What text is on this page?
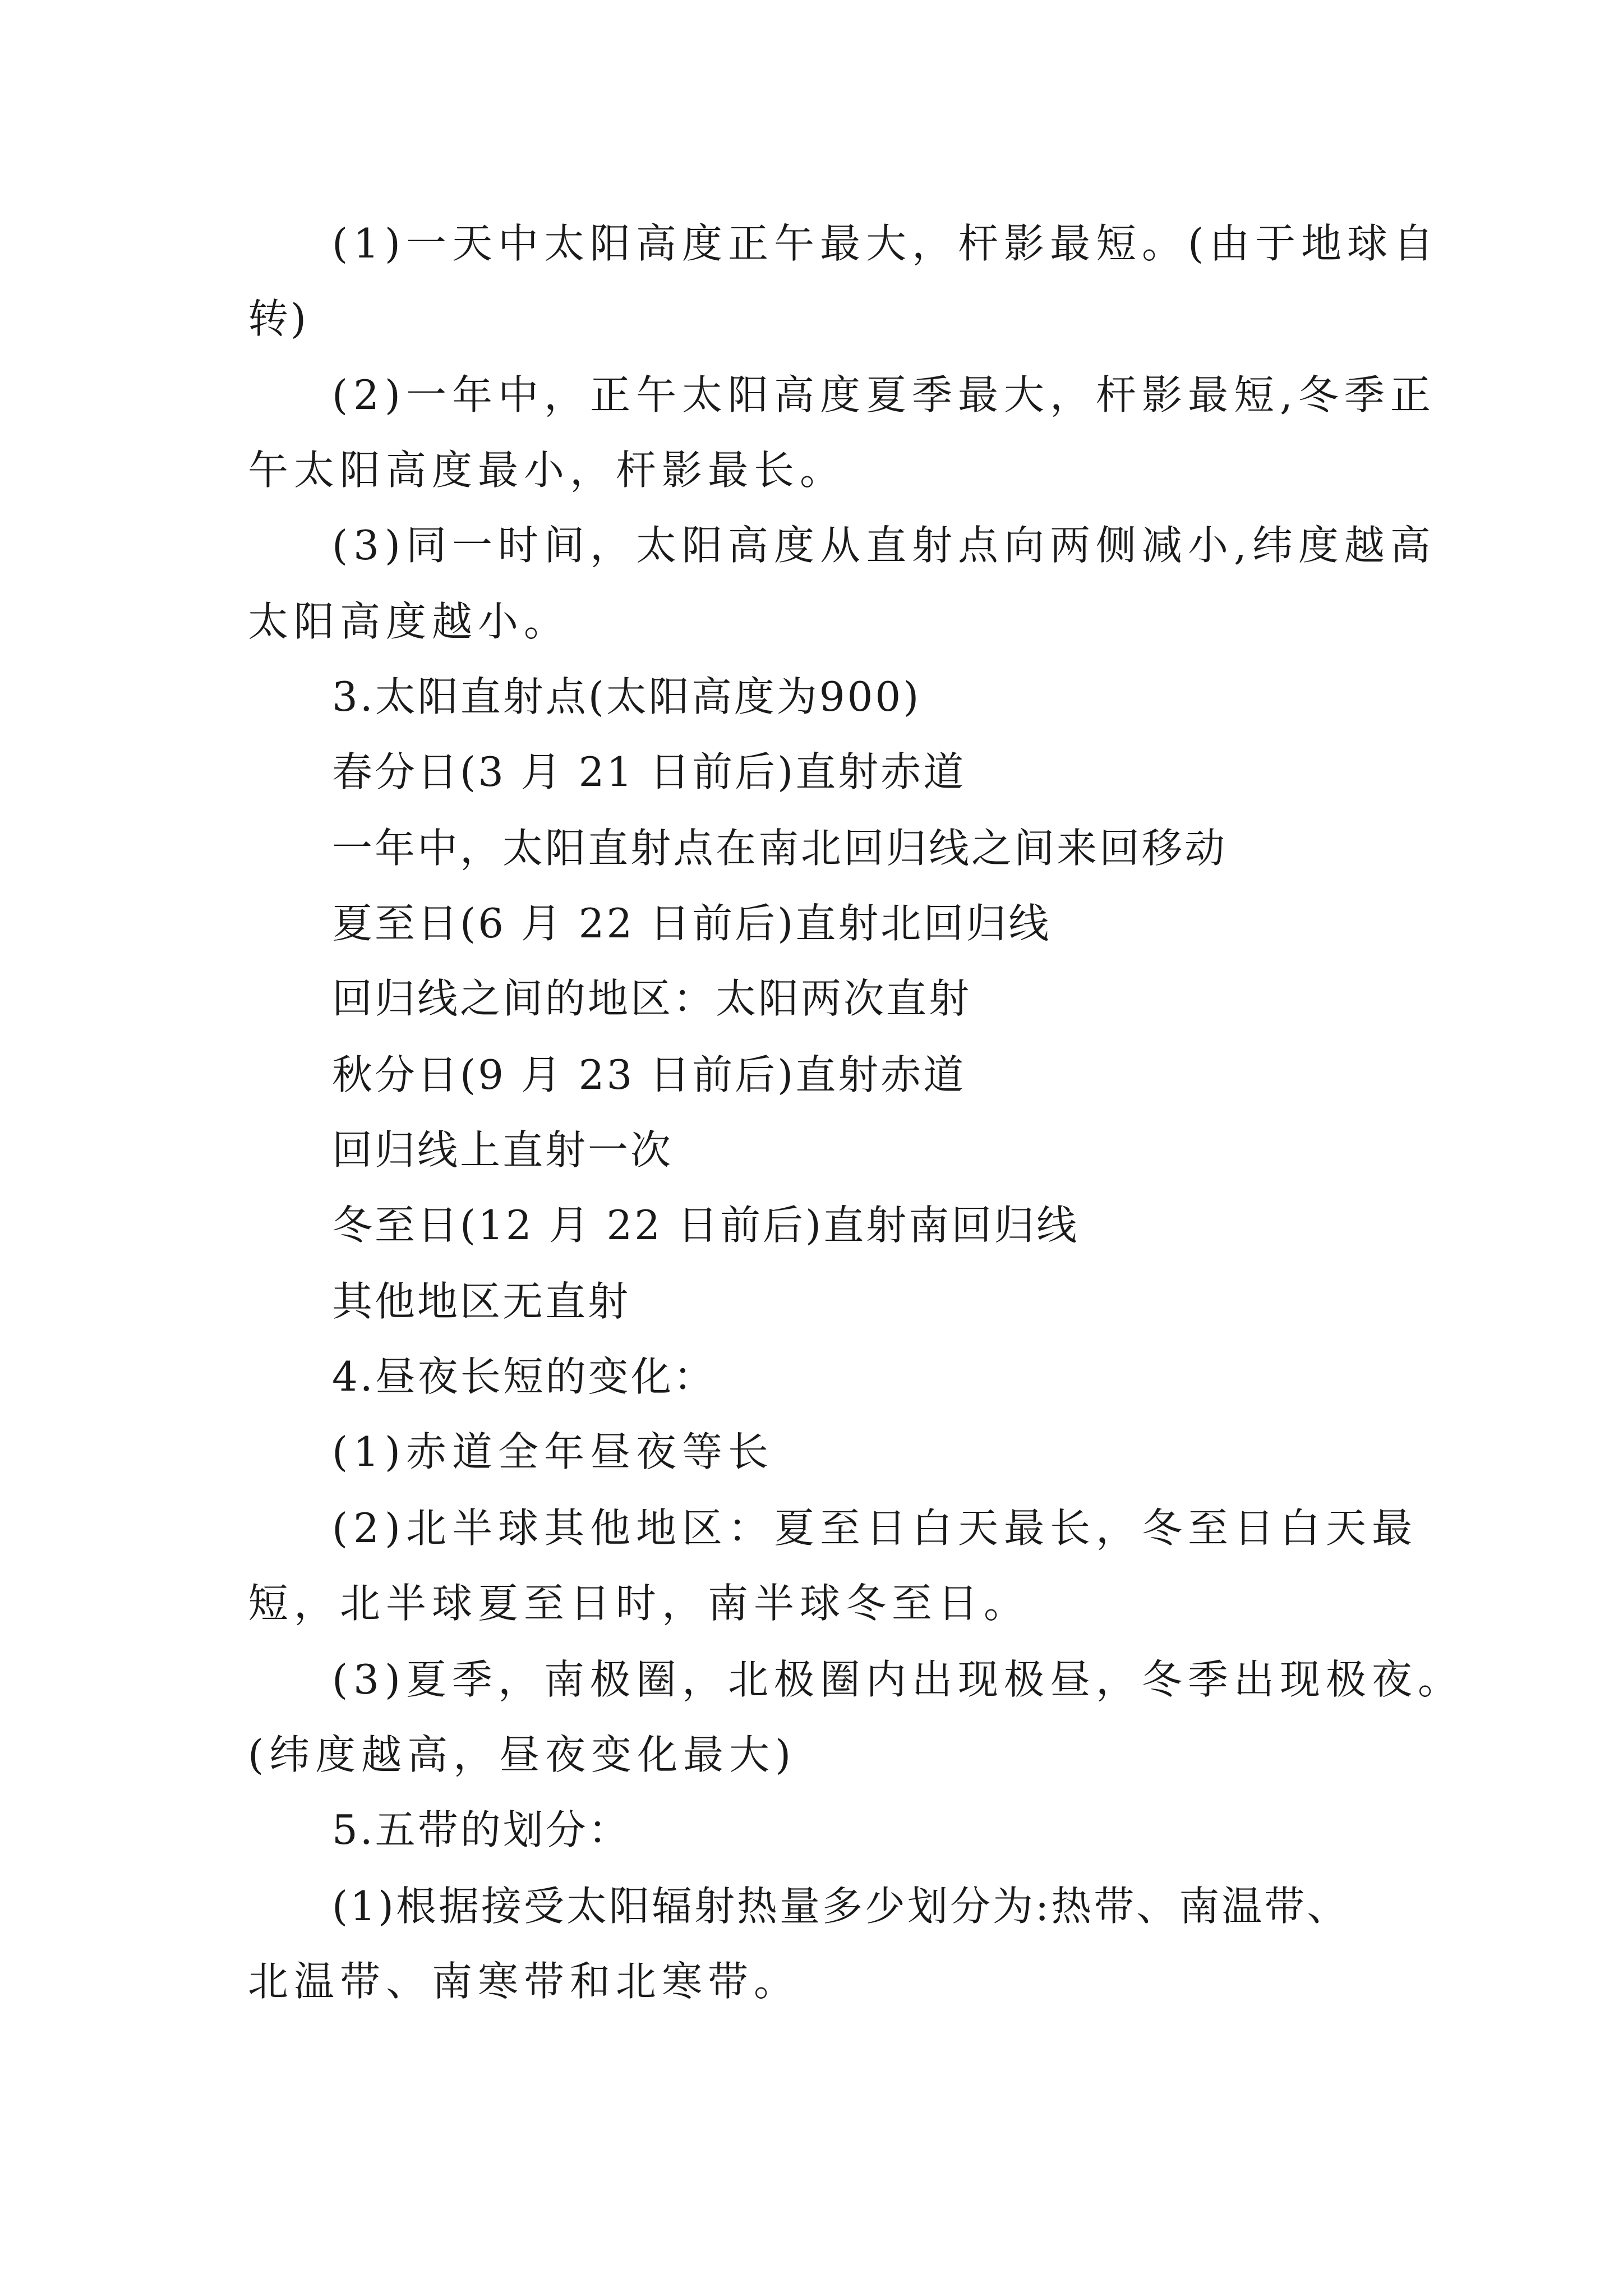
(1)一天中太阳高度正午最大，杆影最短。(由于地球自
转)
(2)一年中，正午太阳高度夏季最大，杆影最短,冬季正
午太阳高度最小，杆影最长。
(3)同一时间，太阳高度从直射点向两侧减小,纬度越高
太阳高度越小。
3.太阳直射点(太阳高度为900)
春分日(3 月 21 日前后)直射赤道
一年中，太阳直射点在南北回归线之间来回移动
夏至日(6 月 22 日前后)直射北回归线
回归线之间的地区：太阳两次直射
秋分日(9 月 23 日前后)直射赤道
回归线上直射一次
冬至日(12 月 22 日前后)直射南回归线
其他地区无直射
4.昼夜长短的变化：
(1)赤道全年昼夜等长
(2)北半球其他地区：夏至日白天最长，冬至日白天最
短，北半球夏至日时，南半球冬至日。
(3)夏季，南极圈，北极圈内出现极昼，冬季出现极夜。
(纬度越高，昼夜变化最大)
5.五带的划分：
(1)根据接受太阳辐射热量多少划分为:热带、南温带、
北温带、南寒带和北寒带。
